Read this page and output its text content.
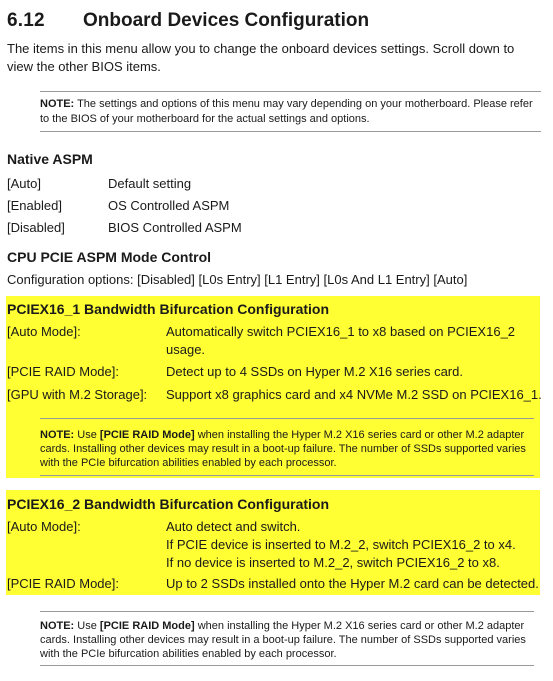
6.12 Onboard Devices Configuration
The items in this menu allow you to change the onboard devices settings. Scroll down to view the other BIOS items.
NOTE: The settings and options of this menu may vary depending on your motherboard. Please refer to the BIOS of your motherboard for the actual settings and options.
Native ASPM
[Auto]	Default setting
[Enabled]	OS Controlled ASPM
[Disabled]	BIOS Controlled ASPM
CPU PCIE ASPM Mode Control
Configuration options: [Disabled] [L0s Entry] [L1 Entry] [L0s And L1 Entry] [Auto]
PCIEX16_1 Bandwidth Bifurcation Configuration
[Auto Mode]:	Automatically switch PCIEX16_1 to x8 based on PCIEX16_2
usage.
[PCIE RAID Mode]:	Detect up to 4 SSDs on Hyper M.2 X16 series card.
[GPU with M.2 Storage]: Support x8 graphics card and x4 NVMe M.2 SSD on PCIEX16_1.
NOTE: Use [PCIE RAID Mode] when installing the Hyper M.2 X16 series card or other M.2 adapter cards. Installing other devices may result in a boot-up failure. The number of SSDs supported varies with the PCIe bifurcation abilities enabled by each processor.
PCIEX16_2 Bandwidth Bifurcation Configuration
[Auto Mode]:	Auto detect and switch.
If PCIE device is inserted to M.2_2, switch PCIEX16_2 to x4.
If no device is inserted to M.2_2, switch PCIEX16_2 to x8.
[PCIE RAID Mode]:	Up to 2 SSDs installed onto the Hyper M.2 card can be detected.
NOTE: Use [PCIE RAID Mode] when installing the Hyper M.2 X16 series card or other M.2 adapter cards. Installing other devices may result in a boot-up failure. The number of SSDs supported varies with the PCIe bifurcation abilities enabled by each processor.
